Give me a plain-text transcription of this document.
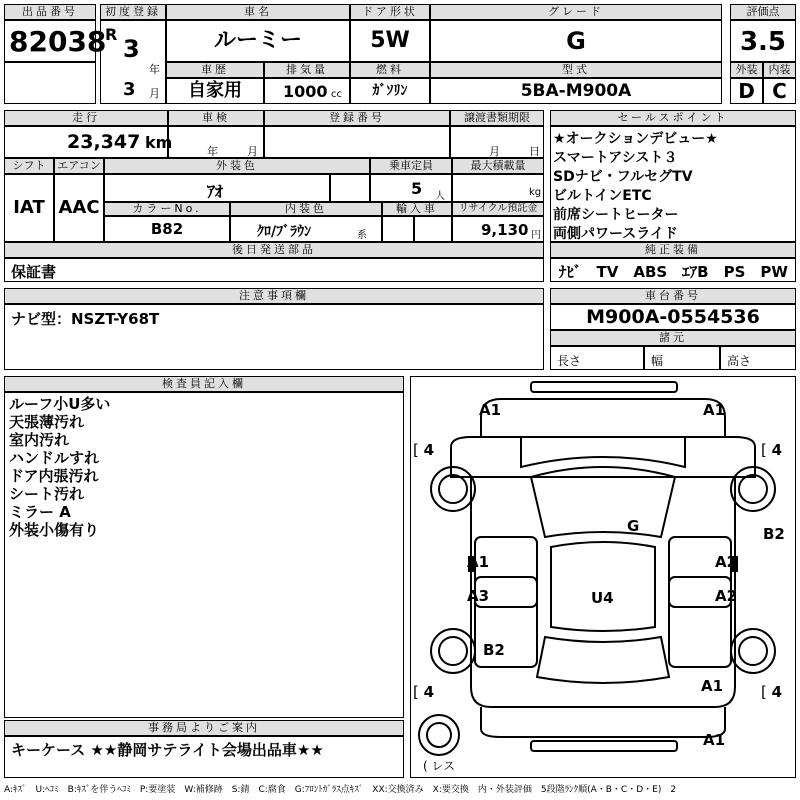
出品番号
82038
初度登録
R
3
年
3 月
車名
ルーミー
ドア形状
5W
グレード
G
評価点
3.5
車歴
自家用
排気量
1000 cc
燃料
ｶﾞｿﾘﾝ
型式
5BA-M900A
外装	内装
D C
走行
23,347 km
車検
年	月
登録番号	譲渡書類期限
月	日
シフト	エアコン
IAT AAC
外装色
ｱｵ
乗車定員
5 人
最大積載量
kg
カラーNo.
B82
内装色
ｸﾛ/ﾌﾞﾗｳﾝ	系
輸入車	リサイクル預託金
9,130 円
後日発送部品
保証書
セールスポイント
★オークションデビュー★
スマートアシスト３
SDナビ・フルセグTV
ビルトインETC
前席シートヒーター
両側パワースライド
純正装備
ﾅﾋﾞ　TV　ABS　ｴｱB　PS　PW
注意事項欄
ナビ型：NSZT-Y68T
車台番号
M900A-0554536
諸元
長さ	幅	高さ
検査員記入欄
ルーフ小U多い
天張薄汚れ
室内汚れ
ハンドルすれ
ドア内張汚れ
シート汚れ
ミラー A
外装小傷有り
事務局よりご案内
キーケース ★★静岡サテライト会場出品車★★
A1	A1
G
A1	A2
A3	A2
B2
B2
U4
A1
A1
[ 4	[ 4
[ 4	[ 4
( レス
A:ｷｽﾞ　U:ﾍｺﾐ　B:ｷｽﾞを伴うﾍｺﾐ　P:要塗装　W:補修跡　S:錆　C:腐食　G:ﾌﾛﾝﾄｶﾞﾗｽ点ｷｽﾞ　XX:交換済み　X:要交換　内・外装評価　5段階ﾗﾝｸ順(A・B・C・D・E)　2
